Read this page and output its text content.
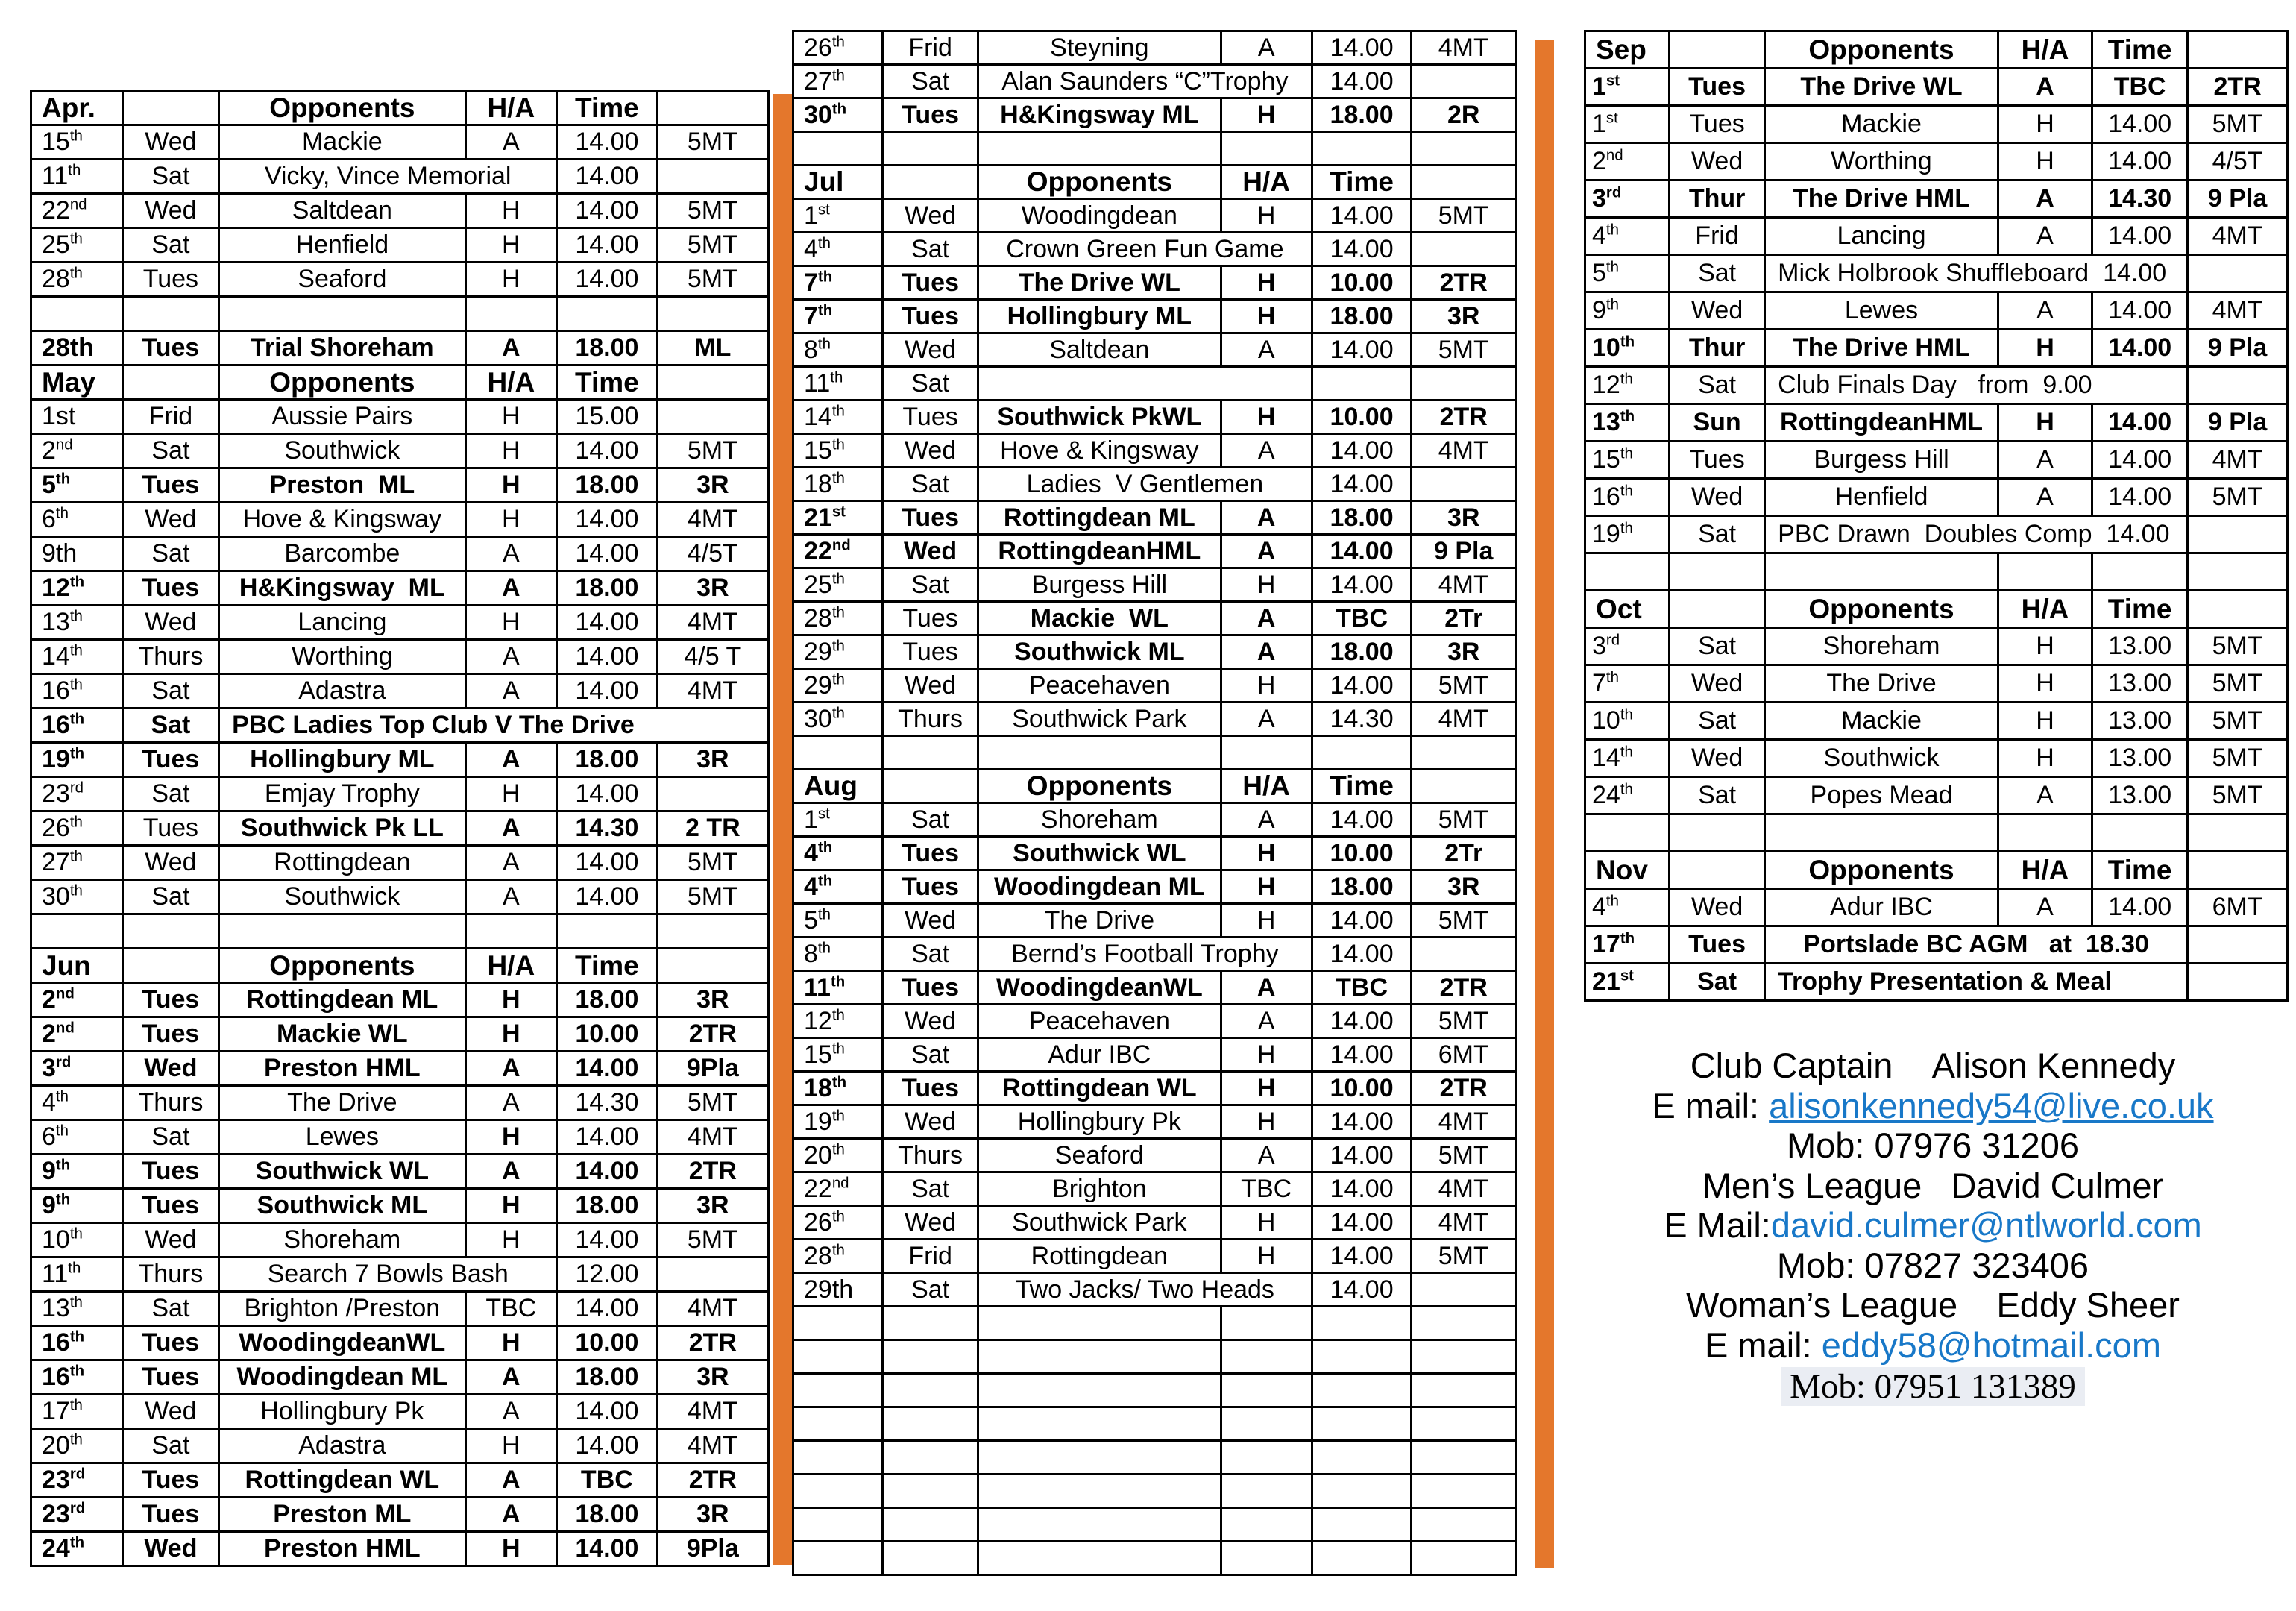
Apr.		Opponents	H/A	Time	
15th	Wed	Mackie	A	14.00	5MT
11th	Sat	Vicky, Vince Memorial		14.00	
22nd	Wed	Saltdean	H	14.00	5MT
25th	Sat	Henfield	H	14.00	5MT
28th	Tues	Seaford	H	14.00	5MT

28th	Tues	Trial Shoreham	A	18.00	ML
May		Opponents	H/A	Time	
1st	Frid	Aussie Pairs	H	15.00	
2nd	Sat	Southwick	H	14.00	5MT
5th	Tues	Preston  ML	H	18.00	3R
6th	Wed	Hove & Kingsway	H	14.00	4MT
9th	Sat	Barcombe	A	14.00	4/5T
12th	Tues	H&Kingsway  ML	A	18.00	3R
13th	Wed	Lancing	H	14.00	4MT
14th	Thurs	Worthing	A	14.00	4/5 T
16th	Sat	Adastra	A	14.00	4MT
16th	Sat	PBC Ladies Top Club V The Drive			
19th	Tues	Hollingbury ML	A	18.00	3R
23rd	Sat	Emjay Trophy	H	14.00	
26th	Tues	Southwick Pk LL	A	14.30	2 TR
27th	Wed	Rottingdean	A	14.00	5MT
30th	Sat	Southwick	A	14.00	5MT

Jun		Opponents	H/A	Time	
2nd	Tues	Rottingdean ML	H	18.00	3R
2nd	Tues	Mackie WL	H	10.00	2TR
3rd	Wed	Preston HML	A	14.00	9Pla
4th	Thurs	The Drive	A	14.30	5MT
6th	Sat	Lewes	H	14.00	4MT
9th	Tues	Southwick WL	A	14.00	2TR
9th	Tues	Southwick ML	H	18.00	3R
10th	Wed	Shoreham	H	14.00	5MT
11th	Thurs	Search 7 Bowls Bash		12.00	
13th	Sat	Brighton /Preston	TBC	14.00	4MT
16th	Tues	WoodingdeanWL	H	10.00	2TR
16th	Tues	Woodingdean ML	A	18.00	3R
17th	Wed	Hollingbury Pk	A	14.00	4MT
20th	Sat	Adastra	H	14.00	4MT
23rd	Tues	Rottingdean WL	A	TBC	2TR
23rd	Tues	Preston ML	A	18.00	3R
24th	Wed	Preston HML	H	14.00	9Pla
26th	Frid	Steyning	A	14.00	4MT
27th	Sat	Alan Saunders “C”Trophy		14.00	
30th	Tues	H&Kingsway ML	H	18.00	2R

Jul		Opponents	H/A	Time	
1st	Wed	Woodingdean	H	14.00	5MT
4th	Sat	Crown Green Fun Game		14.00	
7th	Tues	The Drive WL	H	10.00	2TR
7th	Tues	Hollingbury ML	H	18.00	3R
8th	Wed	Saltdean	A	14.00	5MT
11th	Sat				
14th	Tues	Southwick PkWL	H	10.00	2TR
15th	Wed	Hove & Kingsway	A	14.00	4MT
18th	Sat	Ladies  V Gentlemen		14.00	
21st	Tues	Rottingdean ML	A	18.00	3R
22nd	Wed	RottingdeanHML	A	14.00	9 Pla
25th	Sat	Burgess Hill	H	14.00	4MT
28th	Tues	Mackie  WL	A	TBC	2Tr
29th	Tues	Southwick ML	A	18.00	3R
29th	Wed	Peacehaven	H	14.00	5MT
30th	Thurs	Southwick Park	A	14.30	4MT

Aug		Opponents	H/A	Time	
1st	Sat	Shoreham	A	14.00	5MT
4th	Tues	Southwick WL	H	10.00	2Tr
4th	Tues	Woodingdean ML	H	18.00	3R
5th	Wed	The Drive	H	14.00	5MT
8th	Sat	Bernd’s Football Trophy		14.00	
11th	Tues	WoodingdeanWL	A	TBC	2TR
12th	Wed	Peacehaven	A	14.00	5MT
15th	Sat	Adur IBC	H	14.00	6MT
18th	Tues	Rottingdean WL	H	10.00	2TR
19th	Wed	Hollingbury Pk	H	14.00	4MT
20th	Thurs	Seaford	A	14.00	5MT
22nd	Sat	Brighton	TBC	14.00	4MT
26th	Wed	Southwick Park	H	14.00	4MT
28th	Frid	Rottingdean	H	14.00	5MT
29th	Sat	Two Jacks/ Two Heads		14.00	

Sep		Opponents	H/A	Time	
1st	Tues	The Drive WL	A	TBC	2TR
1st	Tues	Mackie	H	14.00	5MT
2nd	Wed	Worthing	H	14.00	4/5T
3rd	Thur	The Drive HML	A	14.30	9 Pla
4th	Frid	Lancing	A	14.00	4MT
5th	Sat	Mick Holbrook Shuffleboard  14.00			
9th	Wed	Lewes	A	14.00	4MT
10th	Thur	The Drive HML	H	14.00	9 Pla
12th	Sat	Club Finals Day   from  9.00			
13th	Sun	RottingdeanHML	H	14.00	9 Pla
15th	Tues	Burgess Hill	A	14.00	4MT
16th	Wed	Henfield	A	14.00	5MT
19th	Sat	PBC Drawn  Doubles Comp  14.00			

Oct		Opponents	H/A	Time	
3rd	Sat	Shoreham	H	13.00	5MT
7th	Wed	The Drive	H	13.00	5MT
10th	Sat	Mackie	H	13.00	5MT
14th	Wed	Southwick	H	13.00	5MT
24th	Sat	Popes Mead	A	13.00	5MT

Nov		Opponents	H/A	Time	
4th	Wed	Adur IBC	A	14.00	6MT
17th	Tues	Portslade BC AGM   at  18.30			
21st	Sat	Trophy Presentation & Meal			
Club Captain    Alison Kennedy
E mail: alisonkennedy54@live.co.uk
Mob: 07976 31206
Men’s League   David Culmer
E Mail:david.culmer@ntlworld.com
Mob: 07827 323406
Woman’s League    Eddy Sheer
E mail: eddy58@hotmail.com
Mob: 07951 131389
